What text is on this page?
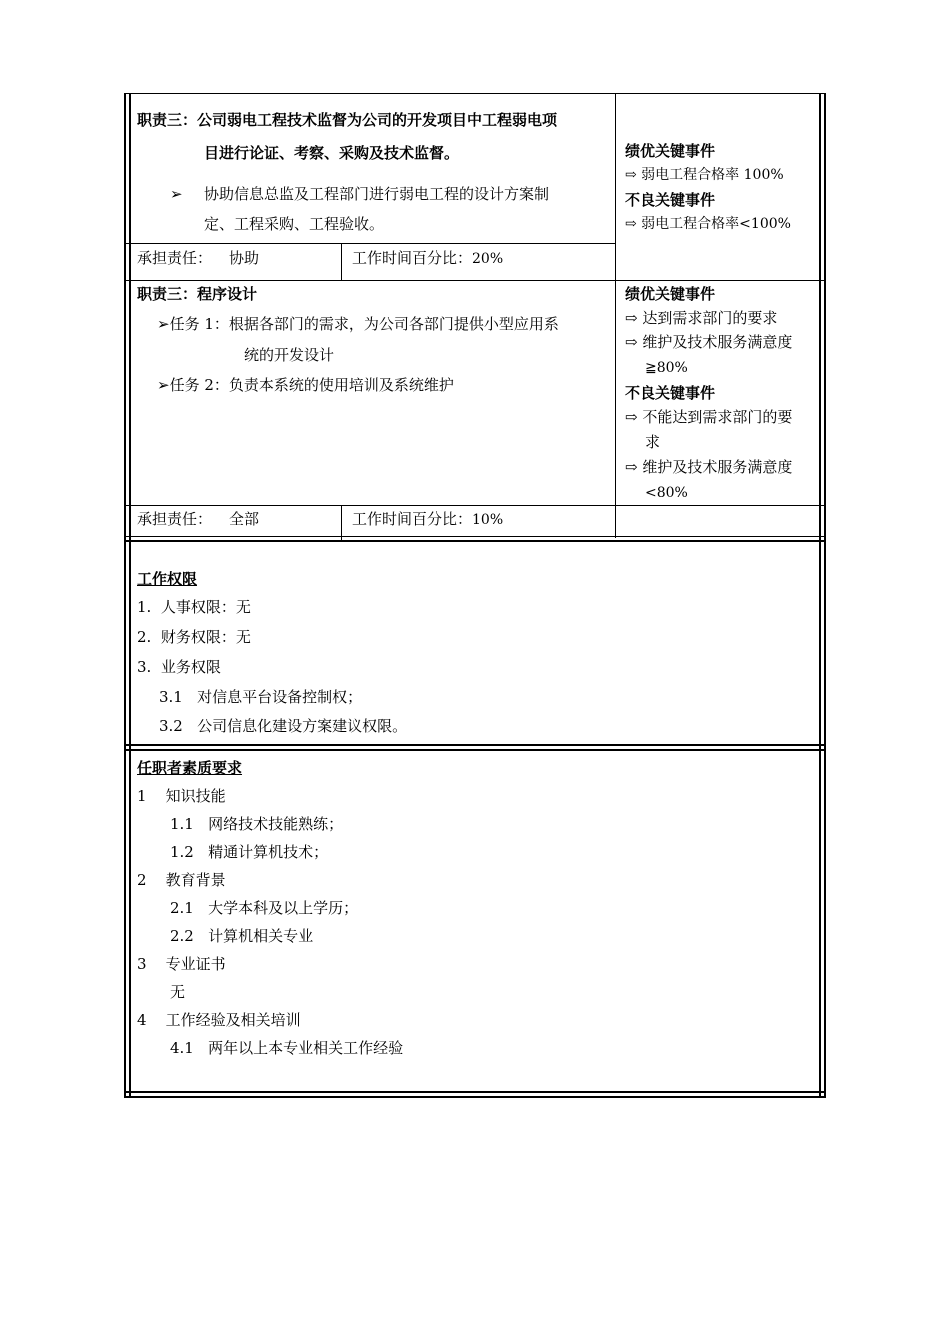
职责三：公司弱电工程技术监督为公司的开发项目中工程弱电项
目进行论证、考察、采购及技术监督。
➢ 协助信息总监及工程部门进行弱电工程的设计方案制
定、工程采购、工程验收。
承担责任： 协助	工作时间百分比：20%
绩优关键事件
⇨ 弱电工程合格率 100%
不良关键事件
⇨ 弱电工程合格率<100%
职责三：程序设计
➢任务 1：根据各部门的需求，为公司各部门提供小型应用系
统的开发设计
➢任务 2：负责本系统的使用培训及系统维护
承担责任： 全部	工作时间百分比：10%
绩优关键事件
⇨ 达到需求部门的要求
⇨ 维护及技术服务满意度
≧80%
不良关键事件
⇨ 不能达到需求部门的要
求
⇨ 维护及技术服务满意度
<80%
工作权限
1.  人事权限：无
2.  财务权限：无
3.  业务权限
3.1   对信息平台设备控制权；
3.2   公司信息化建设方案建议权限。
任职者素质要求
1    知识技能
1.1   网络技术技能熟练；
1.2   精通计算机技术；
2    教育背景
2.1   大学本科及以上学历；
2.2   计算机相关专业
3    专业证书
无
4    工作经验及相关培训
4.1   两年以上本专业相关工作经验
